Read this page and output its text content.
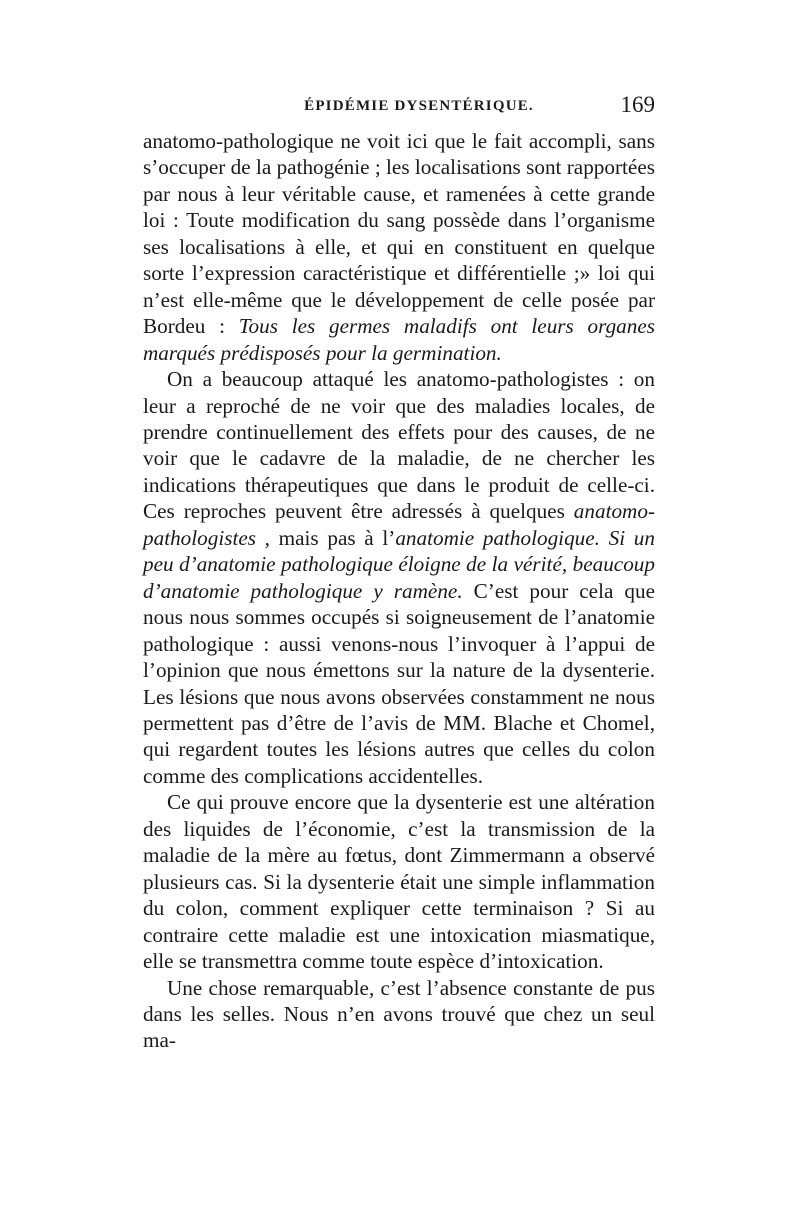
ÉPIDÉMIE DYSENTÉRIQUE.	169

anatomo-pathologique ne voit ici que le fait accompli, sans s’occuper de la pathogénie ; les localisations sont rapportées par nous à leur véritable cause, et ramenées à cette grande loi : Toute modification du sang possède dans l’organisme ses localisations à elle, et qui en constituent en quelque sorte l’expression caractéristique et différentielle ;» loi qui n’est elle-même que le développement de celle posée par Bordeu : Tous les germes maladifs ont leurs organes marqués prédisposés pour la germination.

On a beaucoup attaqué les anatomo-pathologistes : on leur a reproché de ne voir que des maladies locales, de prendre continuellement des effets pour des causes, de ne voir que le cadavre de la maladie, de ne chercher les indications thérapeutiques que dans le produit de celle-ci. Ces reproches peuvent être adressés à quelques anatomo-pathologistes , mais pas à l’anatomie pathologique. Si un peu d’anatomie pathologique éloigne de la vérité, beaucoup d’anatomie pathologique y ramène. C’est pour cela que nous nous sommes occupés si soigneusement de l’anatomie pathologique : aussi venons-nous l’invoquer à l’appui de l’opinion que nous émettons sur la nature de la dysenterie. Les lésions que nous avons observées constamment ne nous permettent pas d’être de l’avis de MM. Blache et Chomel, qui regardent toutes les lésions autres que celles du colon comme des complications accidentelles.

Ce qui prouve encore que la dysenterie est une altération des liquides de l’économie, c’est la transmission de la maladie de la mère au fœtus, dont Zimmermann a observé plusieurs cas. Si la dysenterie était une simple inflammation du colon, comment expliquer cette terminaison ? Si au contraire cette maladie est une intoxication miasmatique, elle se transmettra comme toute espèce d’intoxication.

Une chose remarquable, c’est l’absence constante de pus dans les selles. Nous n’en avons trouvé que chez un seul ma-
